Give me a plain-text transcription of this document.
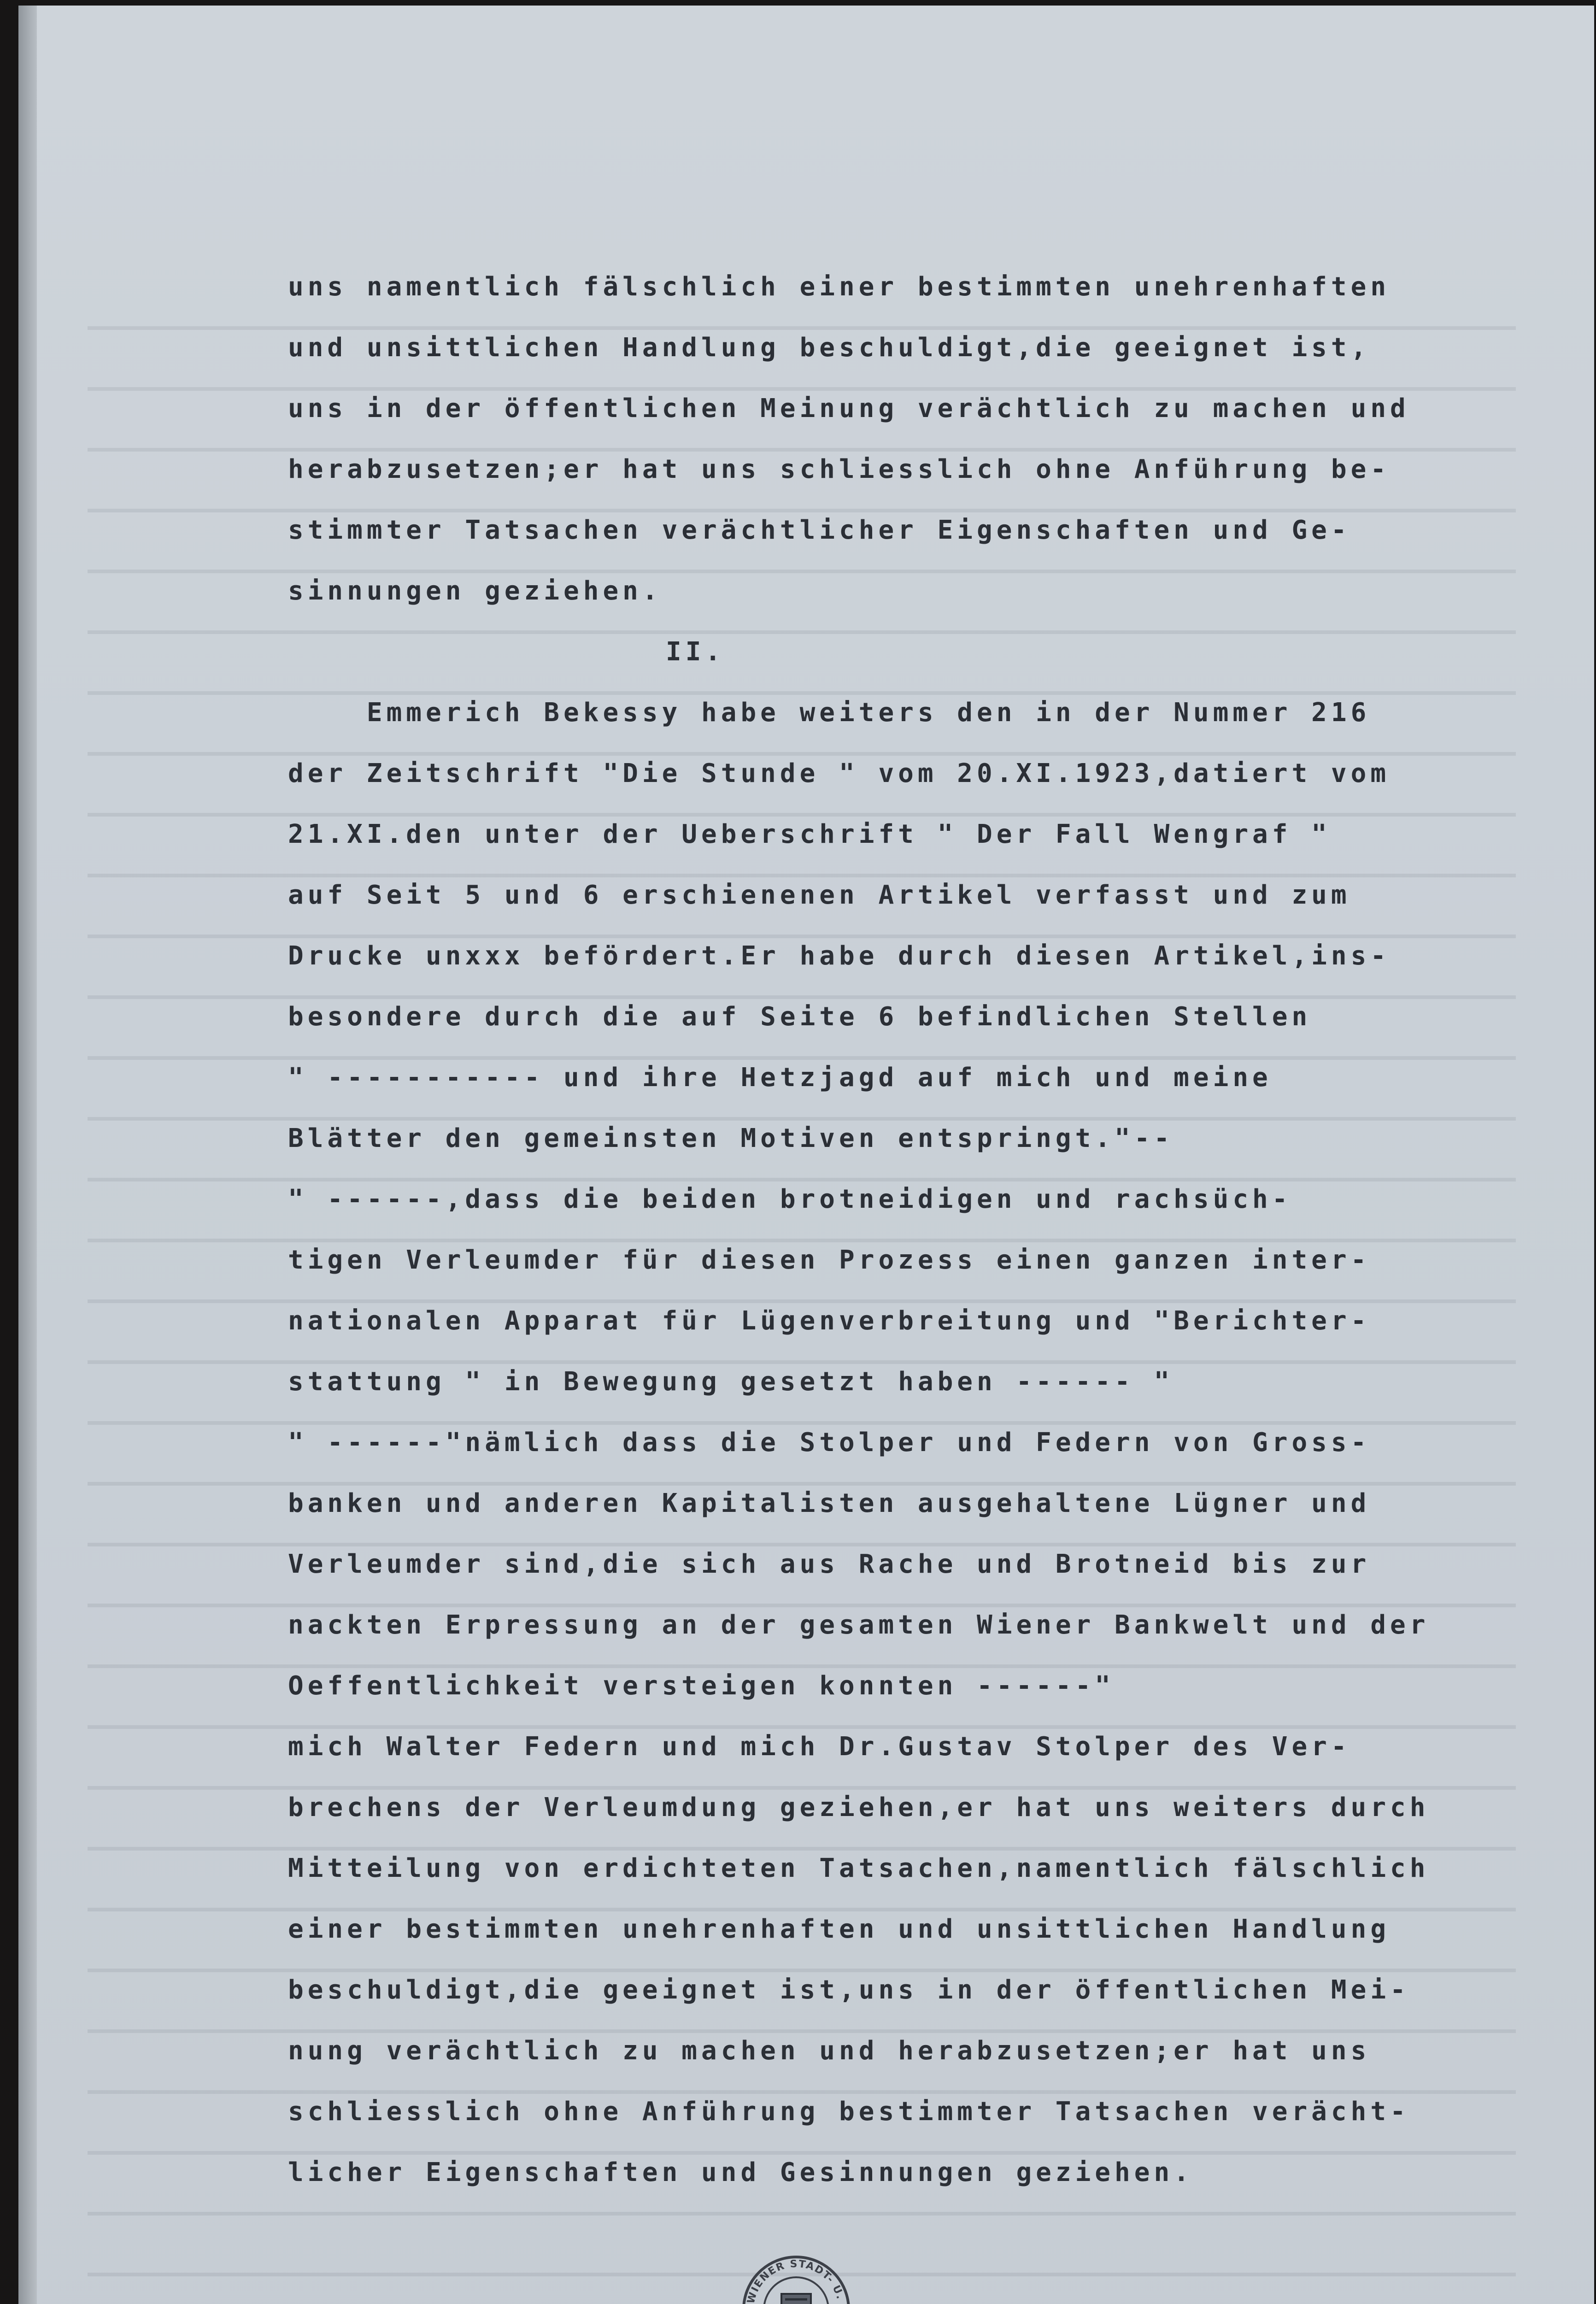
uns namentlich fälschlich einer bestimmten unehrenhaften
und unsittlichen Handlung beschuldigt,die geeignet ist,
uns in der öffentlichen Meinung verächtlich zu machen und
herabzusetzen;er hat uns schliesslich ohne Anführung be-
stimmter Tatsachen verächtlicher Eigenschaften und Ge-
sinnungen geziehen.
II.
Emmerich Bekessy habe weiters den in der Nummer 216
der Zeitschrift "Die Stunde " vom 20.XI.1923,datiert vom
21.XI.den unter der Ueberschrift " Der Fall Wengraf "
auf Seit 5 und 6 erschienenen Artikel verfasst und zum
Drucke unxxx befördert.Er habe durch diesen Artikel,ins-
besondere durch die auf Seite 6 befindlichen Stellen
" ----------- und ihre Hetzjagd auf mich und meine
Blätter den gemeinsten Motiven entspringt."--
" ------,dass die beiden brotneidigen und rachsüch-
tigen Verleumder für diesen Prozess einen ganzen inter-
nationalen Apparat für Lügenverbreitung und "Berichter-
stattung " in Bewegung gesetzt haben ------ "
" ------"nämlich dass die Stolper und Federn von Gross-
banken und anderen Kapitalisten ausgehaltene Lügner und
Verleumder sind,die sich aus Rache und Brotneid bis zur
nackten Erpressung an der gesamten Wiener Bankwelt und der
Oeffentlichkeit versteigen konnten ------"
mich Walter Federn und mich Dr.Gustav Stolper des Ver-
brechens der Verleumdung geziehen,er hat uns weiters durch
Mitteilung von erdichteten Tatsachen,namentlich fälschlich
einer bestimmten unehrenhaften und unsittlichen Handlung
beschuldigt,die geeignet ist,uns in der öffentlichen Mei-
nung verächtlich zu machen und herabzusetzen;er hat uns
schliesslich ohne Anführung bestimmter Tatsachen verächt-
licher Eigenschaften und Gesinnungen geziehen.
WIENER STADT- U.
